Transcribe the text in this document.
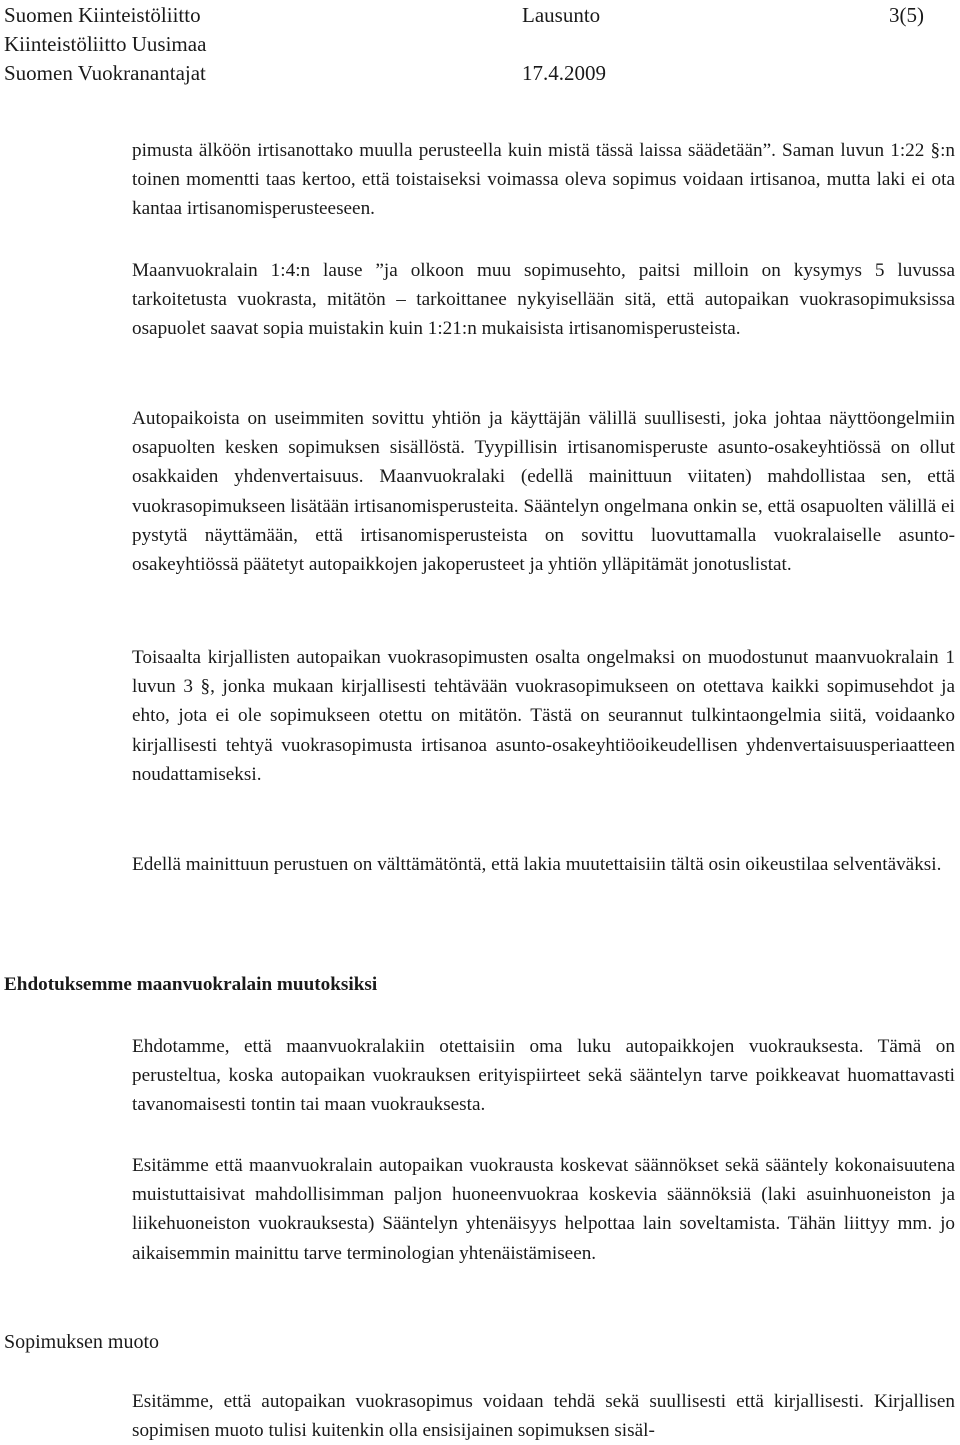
Suomen Kiinteistöliitto
Kiinteistöliitto Uusimaa
Suomen Vuokranantajat
Lausunto

17.4.2009
3(5)

pimusta älköön irtisanottako muulla perusteella kuin mistä tässä laissa säädetään”. Saman luvun 1:22 §:n toinen momentti taas kertoo, että toistaiseksi voimassa oleva sopimus voidaan irtisanoa, mutta laki ei ota kantaa irtisanomisperusteeseen.

Maanvuokralain 1:4:n lause ”ja olkoon muu sopimusehto, paitsi milloin on kysymys 5 luvussa tarkoitetusta vuokrasta, mitätön – tarkoittanee nykyisellään sitä, että autopaikan vuokrasopimuksissa osapuolet saavat sopia muistakin kuin 1:21:n mukaisista irtisanomisperusteista.

Autopaikoista on useimmiten sovittu yhtiön ja käyttäjän välillä suullisesti, joka johtaa näyttöongelmiin osapuolten kesken sopimuksen sisällöstä. Tyypillisin irtisanomisperuste asunto-osakeyhtiössä on ollut osakkaiden yhdenvertaisuus. Maanvuokralaki (edellä mainittuun viitaten) mahdollistaa sen, että vuokrasopimukseen lisätään irtisanomisperusteita. Sääntelyn ongelmana onkin se, että osapuolten välillä ei pystytä näyttämään, että irtisanomisperusteista on sovittu luovuttamalla vuokralaiselle asunto-osakeyhtiössä päätetyt autopaikkojen jakoperusteet ja yhtiön ylläpitämät jonotuslistat.

Toisaalta kirjallisten autopaikan vuokrasopimusten osalta ongelmaksi on muodostunut maanvuokralain 1 luvun 3 §, jonka mukaan kirjallisesti tehtävään vuokrasopimukseen on otettava kaikki sopimusehdot ja ehto, jota ei ole sopimukseen otettu on mitätön. Tästä on seurannut tulkintaongelmia siitä, voidaanko kirjallisesti tehtyä vuokrasopimusta irtisanoa asunto-osakeyhtiöoikeudellisen yhdenvertaisuusperiaatteen noudattamiseksi.

Edellä mainittuun perustuen on välttämätöntä, että lakia muutettaisiin tältä osin oikeustilaa selventäväksi.

Ehdotuksemme maanvuokralain muutoksiksi

Ehdotamme, että maanvuokralakiin otettaisiin oma luku autopaikkojen vuokrauksesta. Tämä on perusteltua, koska autopaikan vuokrauksen erityispiirteet sekä sääntelyn tarve poikkeavat huomattavasti tavanomaisesti tontin tai maan vuokrauksesta.

Esitämme että maanvuokralain autopaikan vuokrausta koskevat säännökset sekä sääntely kokonaisuutena muistuttaisivat mahdollisimman paljon huoneenvuokraa koskevia säännöksiä (laki asuinhuoneiston ja liikehuoneiston vuokrauksesta) Sääntelyn yhtenäisyys helpottaa lain soveltamista. Tähän liittyy mm. jo aikaisemmin mainittu tarve terminologian yhtenäistämiseen.

Sopimuksen muoto

Esitämme, että autopaikan vuokrasopimus voidaan tehdä sekä suullisesti että kirjallisesti. Kirjallisen sopimisen muoto tulisi kuitenkin olla ensisijainen sopimuksen sisäl-
